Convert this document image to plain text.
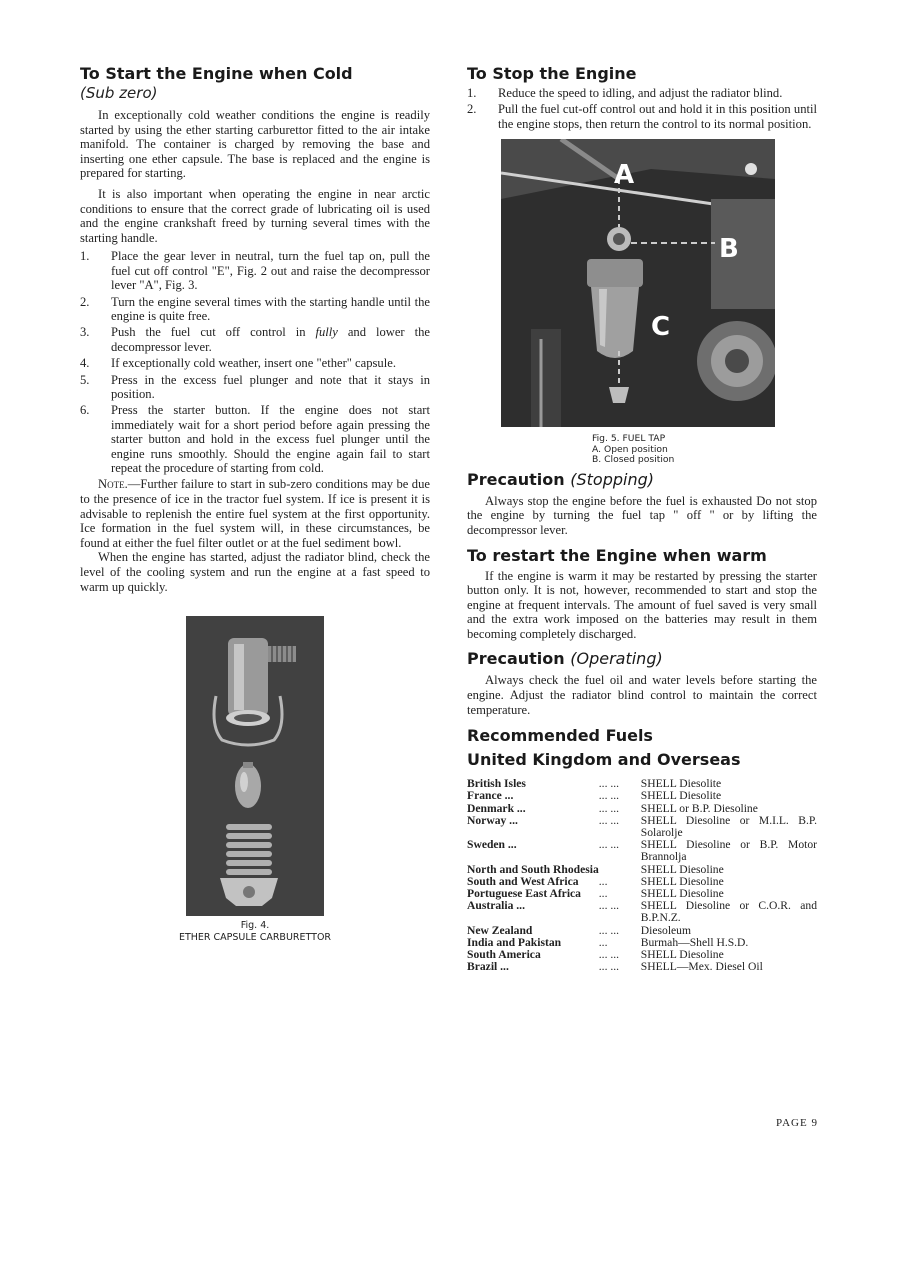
To Start the Engine when Cold
(Sub zero)

In exceptionally cold weather conditions the engine is readily started by using the ether starting carburettor fitted to the air intake manifold. The container is charged by removing the base and inserting one ether capsule. The base is replaced and the engine is prepared for starting.

It is also important when operating the engine in near arctic conditions to ensure that the correct grade of lubricating oil is used and the engine crankshaft freed by turning several times with the starting handle.

1. Place the gear lever in neutral, turn the fuel tap on, pull the fuel cut off control "E", Fig. 2 out and raise the decompressor lever "A", Fig. 3.
2. Turn the engine several times with the starting handle until the engine is quite free.
3. Push the fuel cut off control in fully and lower the decompressor lever.
4. If exceptionally cold weather, insert one "ether" capsule.
5. Press in the excess fuel plunger and note that it stays in position.
6. Press the starter button. If the engine does not start immediately wait for a short period before again pressing the starter button and hold in the excess fuel plunger until the engine runs smoothly. Should the engine again fail to start repeat the procedure of starting from cold.

Note.—Further failure to start in sub-zero conditions may be due to the presence of ice in the tractor fuel system. If ice is present it is advisable to replenish the entire fuel system at the first opportunity. Ice formation in the fuel system will, in these circumstances, be found at either the fuel filter outlet or at the fuel sediment bowl.

When the engine has started, adjust the radiator blind, check the level of the cooling system and run the engine at a fast speed to warm up quickly.

Fig. 4.
ETHER CAPSULE CARBURETTOR
To Stop the Engine
1. Reduce the speed to idling, and adjust the radiator blind.
2. Pull the fuel cut-off control out and hold it in this position until the engine stops, then return the control to its normal position.
A
B
C
Fig. 5. FUEL TAP
A. Open position
B. Closed position
Precaution (Stopping)

Always stop the engine before the fuel is exhausted Do not stop the engine by turning the fuel tap " off " or by lifting the decompressor lever.

To restart the Engine when warm

If the engine is warm it may be restarted by pressing the starter button only. It is not, however, recommended to start and stop the engine at frequent intervals. The amount of fuel saved is very small and the extra work imposed on the batteries may result in them becoming completely discharged.

Precaution (Operating)

Always check the fuel oil and water levels before starting the engine. Adjust the radiator blind control to maintain the correct temperature.

Recommended Fuels
United Kingdom and Overseas
British Isles	... ...	SHELL Diesolite
France ...	... ...	SHELL Diesolite
Denmark ...	... ...	SHELL or B.P. Diesoline
Norway ...	... ...	SHELL Diesoline or M.I.L. B.P. Solarolje
Sweden ...	... ...	SHELL Diesoline or B.P. Motor Brannolja
North and South Rhodesia		SHELL Diesoline
South and West Africa	...	SHELL Diesoline
Portuguese East Africa	...	SHELL Diesoline
Australia ...	... ...	SHELL Diesoline or C.O.R. and B.P.N.Z.
New Zealand	... ...	Diesoleum
India and Pakistan	...	Burmah—Shell H.S.D.
South America	... ...	SHELL Diesoline
Brazil ...	... ...	SHELL—Mex. Diesel Oil
PAGE 9
